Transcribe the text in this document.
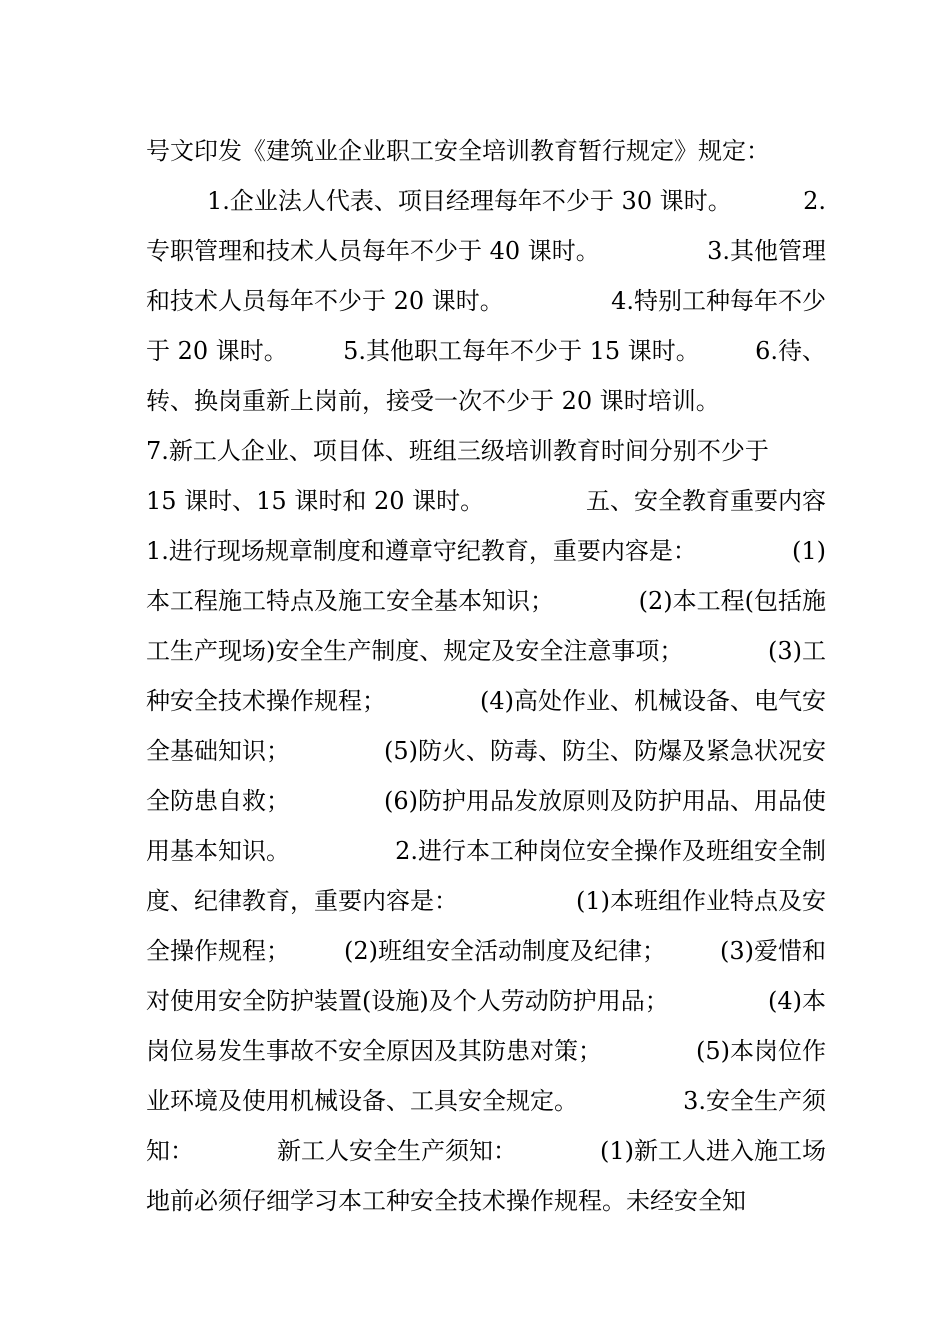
号文印发《建筑业企业职工安全培训教育暂行规定》规定：
1.企业法人代表、项目经理每年不少于 30 课时。	2.
专职管理和技术人员每年不少于 40 课时。	3.其他管理
和技术人员每年不少于 20 课时。	4.特别工种每年不少
于 20 课时。 5.其他职工每年不少于 15 课时。 6.待、
转、换岗重新上岗前，接受一次不少于 20 课时培训。
7.新工人企业、项目体、班组三级培训教育时间分别不少于
15 课时、15 课时和 20 课时。	五、安全教育重要内容
1.进行现场规章制度和遵章守纪教育，重要内容是：	(1)
本工程施工特点及施工安全基本知识；	(2)本工程(包括施
工生产现场)安全生产制度、规定及安全注意事项；	(3)工
种安全技术操作规程；	(4)高处作业、机械设备、电气安
全基础知识；	(5)防火、防毒、防尘、防爆及紧急状况安
全防患自救；	(6)防护用品发放原则及防护用品、用品使
用基本知识。	2.进行本工种岗位安全操作及班组安全制
度、纪律教育，重要内容是：	(1)本班组作业特点及安
全操作规程； (2)班组安全活动制度及纪律； (3)爱惜和
对使用安全防护装置(设施)及个人劳动防护用品；	(4)本
岗位易发生事故不安全原因及其防患对策；	(5)本岗位作
业环境及使用机械设备、工具安全规定。	3.安全生产须
知：	新工人安全生产须知：	(1)新工人进入施工场
地前必须仔细学习本工种安全技术操作规程。未经安全知
